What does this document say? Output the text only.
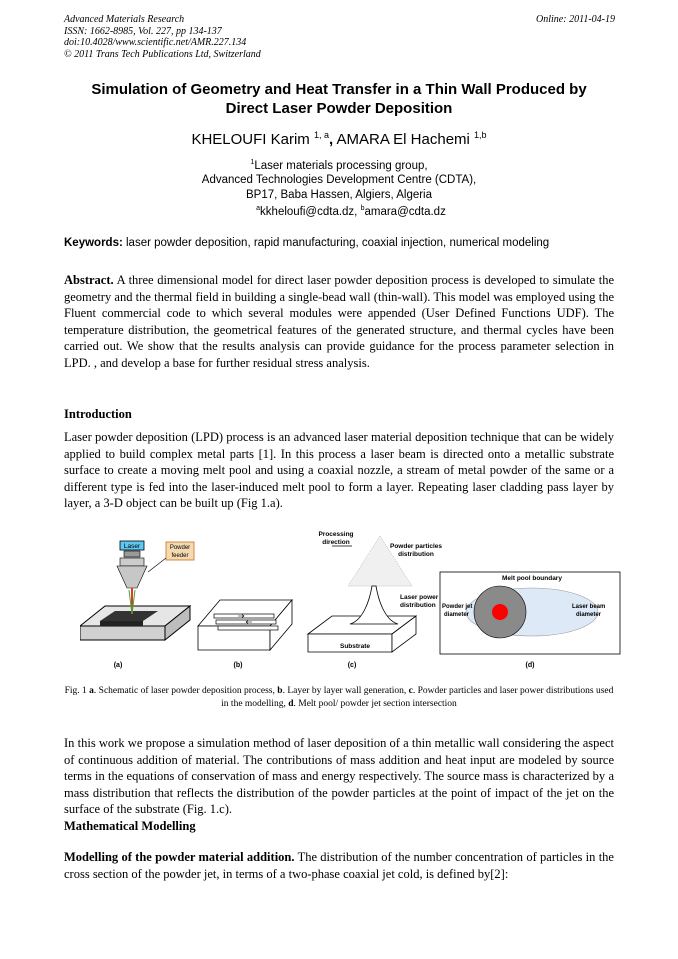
Advanced Materials Research
ISSN: 1662-8985, Vol. 227, pp 134-137
doi:10.4028/www.scientific.net/AMR.227.134
© 2011 Trans Tech Publications Ltd, Switzerland
Online: 2011-04-19
Simulation of Geometry and Heat Transfer in a Thin Wall Produced by
Direct Laser Powder Deposition
KHELOUFI Karim $^{1, a}$, AMARA El Hachemi $^{1,b}$
$^1$Laser materials processing group,
Advanced Technologies Development Centre (CDTA),
BP17, Baba Hassen, Algiers, Algeria
$^a$kkheloufi@cdta.dz, $^b$amara@cdta.dz
Keywords: laser powder deposition, rapid manufacturing, coaxial injection, numerical modeling
Abstract. A three dimensional model for direct laser powder deposition process is developed to simulate the geometry and the thermal field in building a single-bead wall (thin-wall). This model was employed using the Fluent commercial code to which several modules were appended (User Defined Functions UDF). The temperature distribution, the geometrical features of the generated structure, and thermal cycles have been carried out. We show that the results analysis can provide guidance for the process parameter selection in LPD. , and develop a base for further residual stress analysis.
Introduction
Laser powder deposition (LPD) process is an advanced laser material deposition technique that can be widely applied to build complex metal parts [1]. In this process a laser beam is directed onto a metallic substrate surface to create a moving melt pool and using a coaxial nozzle, a stream of metal powder of the same or a different type is fed into the laser-induced melt pool to form a layer. Repeating laser cladding pass layer by layer, a 3-D object can be built up (Fig 1.a).
Laser	Powder
feeder
(a)	(b)
Processing
direction
Powder particles
distribution
Laser power
distribution
Substrate
(c)
Melt pool boundary
Powder jet
diameter
Laser beam
diameter
(d)
Fig. 1 a. Schematic of laser powder deposition process, b. Layer by layer wall generation, c. Powder particles and laser power distributions used in the modelling, d. Melt pool/ powder jet section intersection
In this work we propose a simulation method of laser deposition of a thin metallic wall considering the aspect of continuous addition of material. The contributions of mass addition and heat input are modeled by source terms in the equations of conservation of mass and energy respectively. The source mass is characterized by a mass distribution that reflects the distribution of the powder particles at the point of impact of the jet on the surface of the substrate (Fig. 1.c).
Mathematical Modelling
Modelling of the powder material addition. The distribution of the number concentration of particles in the cross section of the powder jet, in terms of a two-phase coaxial jet cold, is defined by[2]:
